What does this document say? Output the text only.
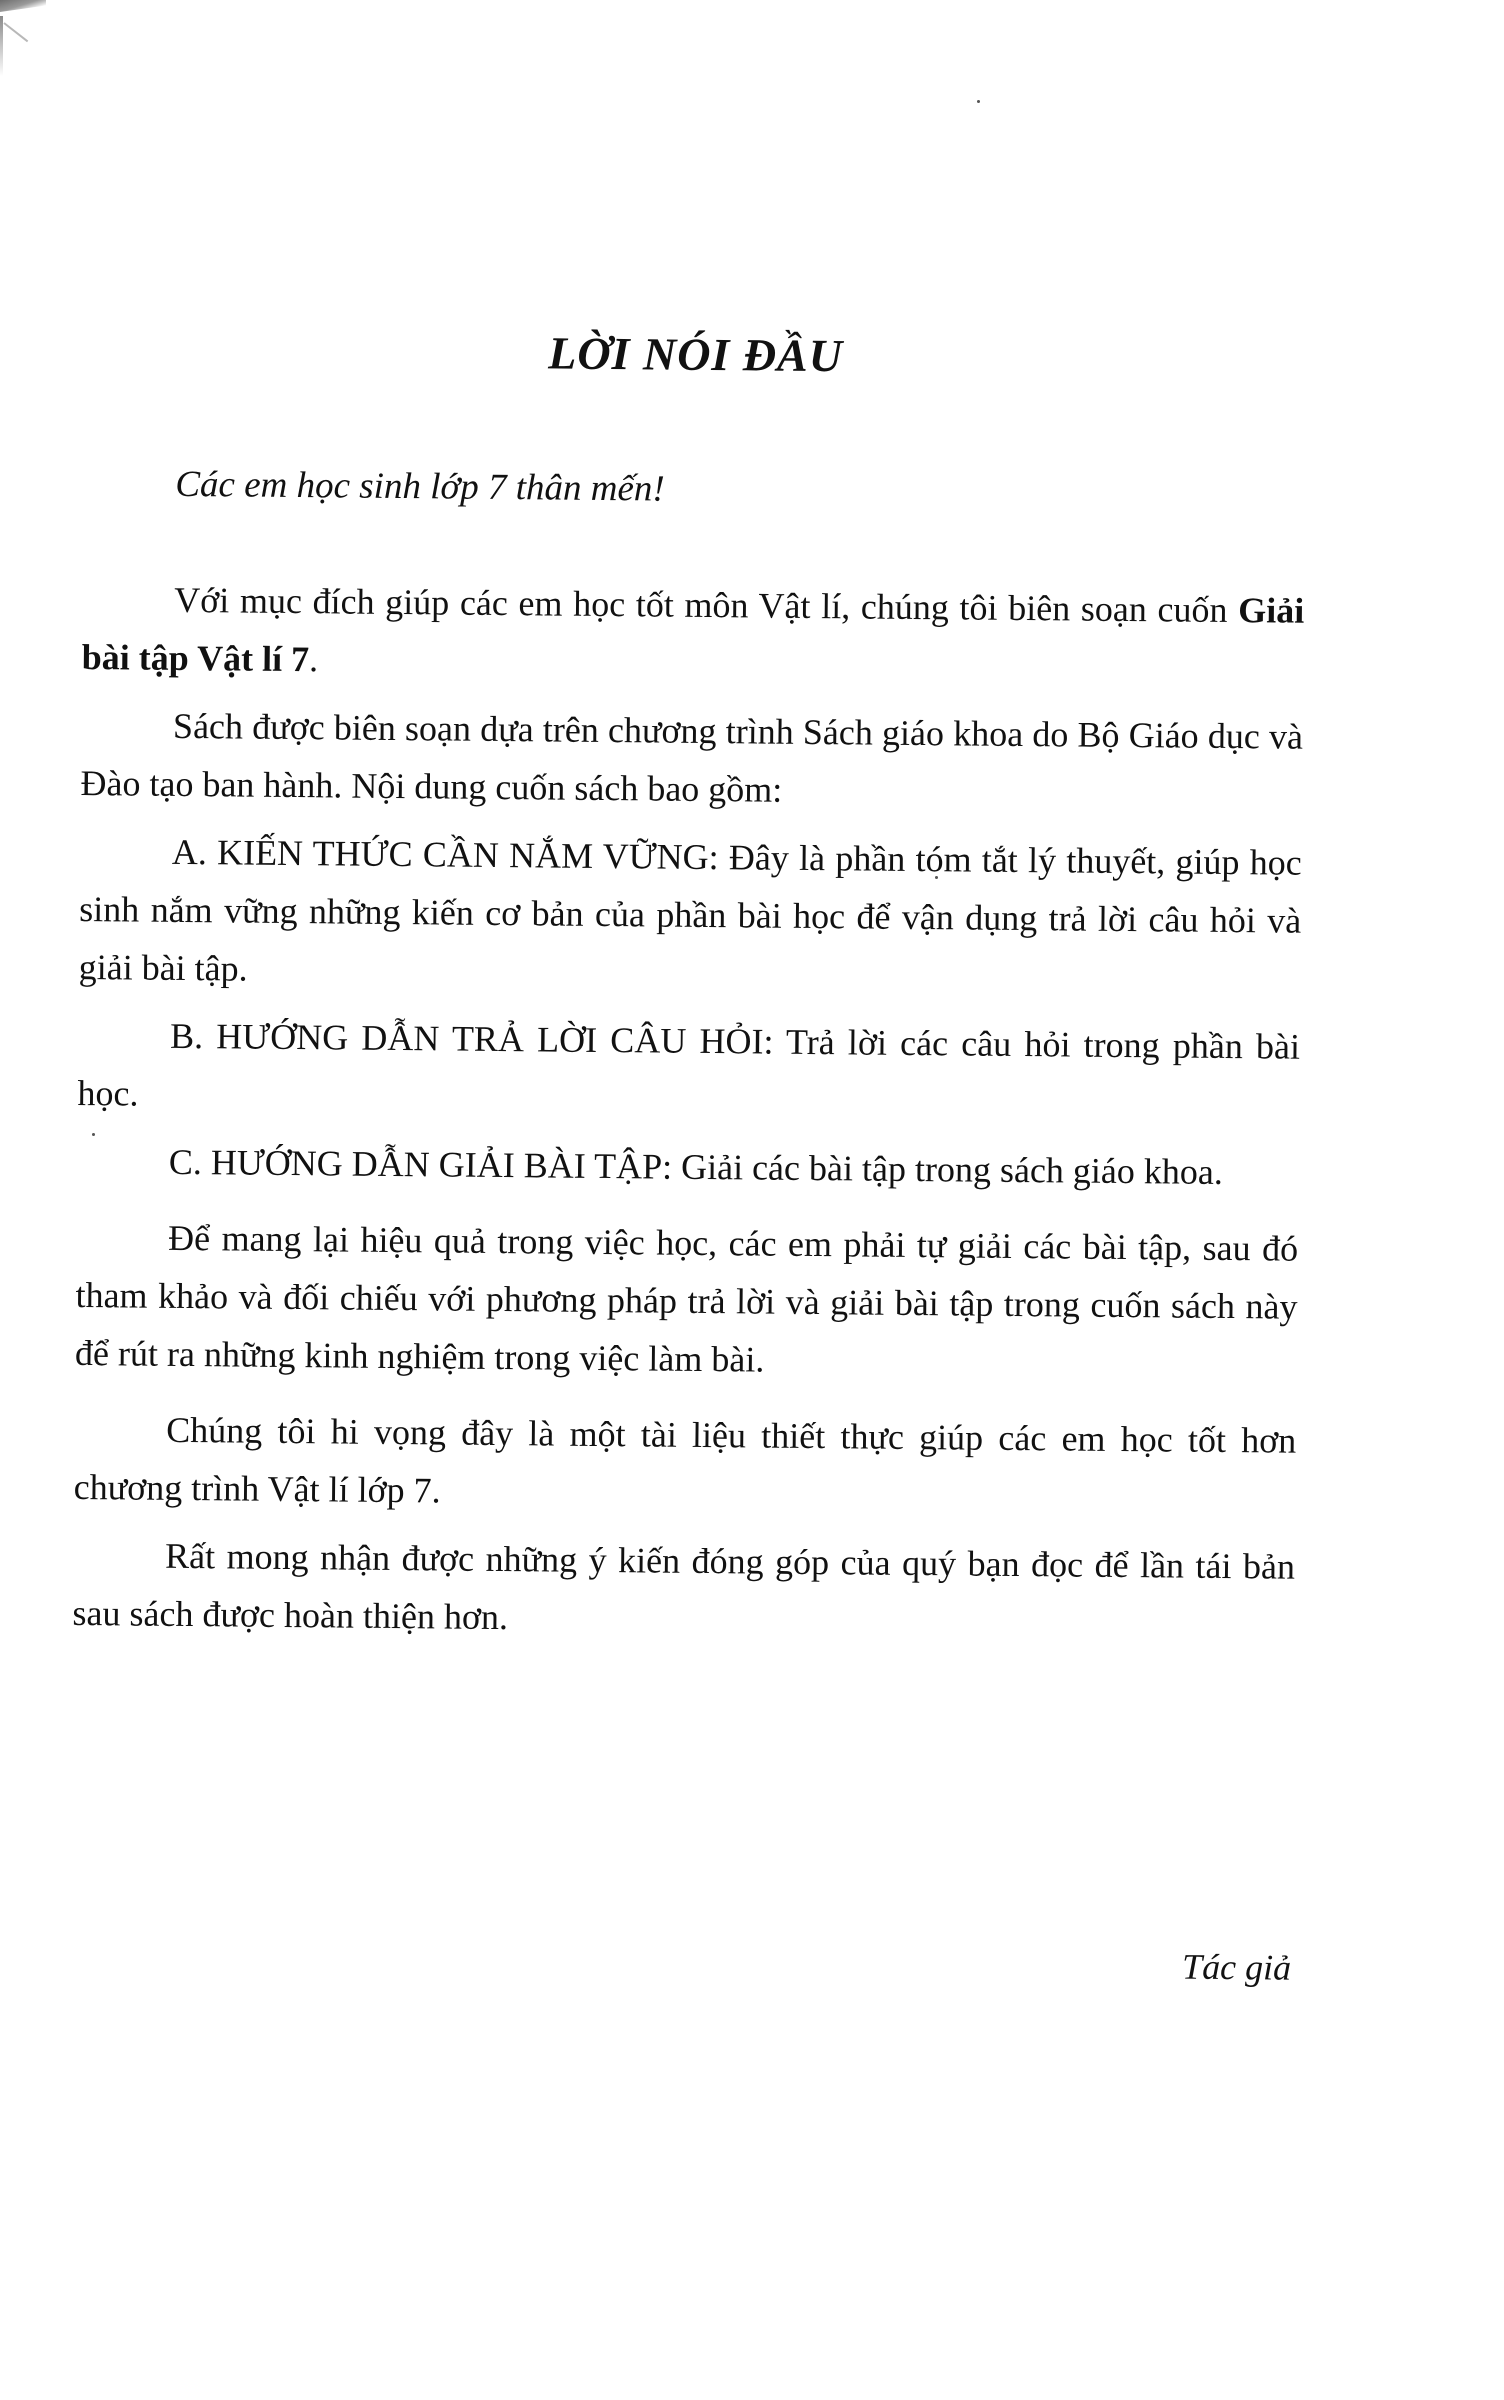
LỜI NÓI ĐẦU

Các em học sinh lớp 7 thân mến!

Với mục đích giúp các em học tốt môn Vật lí, chúng tôi biên soạn cuốn Giải bài tập Vật lí 7.

Sách được biên soạn dựa trên chương trình Sách giáo khoa do Bộ Giáo dục và Đào tạo ban hành. Nội dung cuốn sách bao gồm:

A. KIẾN THỨC CẦN NẮM VỮNG: Đây là phần tóm tắt lý thuyết, giúp học sinh nắm vững những kiến cơ bản của phần bài học để vận dụng trả lời câu hỏi và giải bài tập.

B. HƯỚNG DẪN TRẢ LỜI CÂU HỎI: Trả lời các câu hỏi trong phần bài học.

C. HƯỚNG DẪN GIẢI BÀI TẬP: Giải các bài tập trong sách giáo khoa.

Để mang lại hiệu quả trong việc học, các em phải tự giải các bài tập, sau đó tham khảo và đối chiếu với phương pháp trả lời và giải bài tập trong cuốn sách này để rút ra những kinh nghiệm trong việc làm bài.

Chúng tôi hi vọng đây là một tài liệu thiết thực giúp các em học tốt hơn chương trình Vật lí lớp 7.

Rất mong nhận được những ý kiến đóng góp của quý bạn đọc để lần tái bản sau sách được hoàn thiện hơn.

Tác giả
